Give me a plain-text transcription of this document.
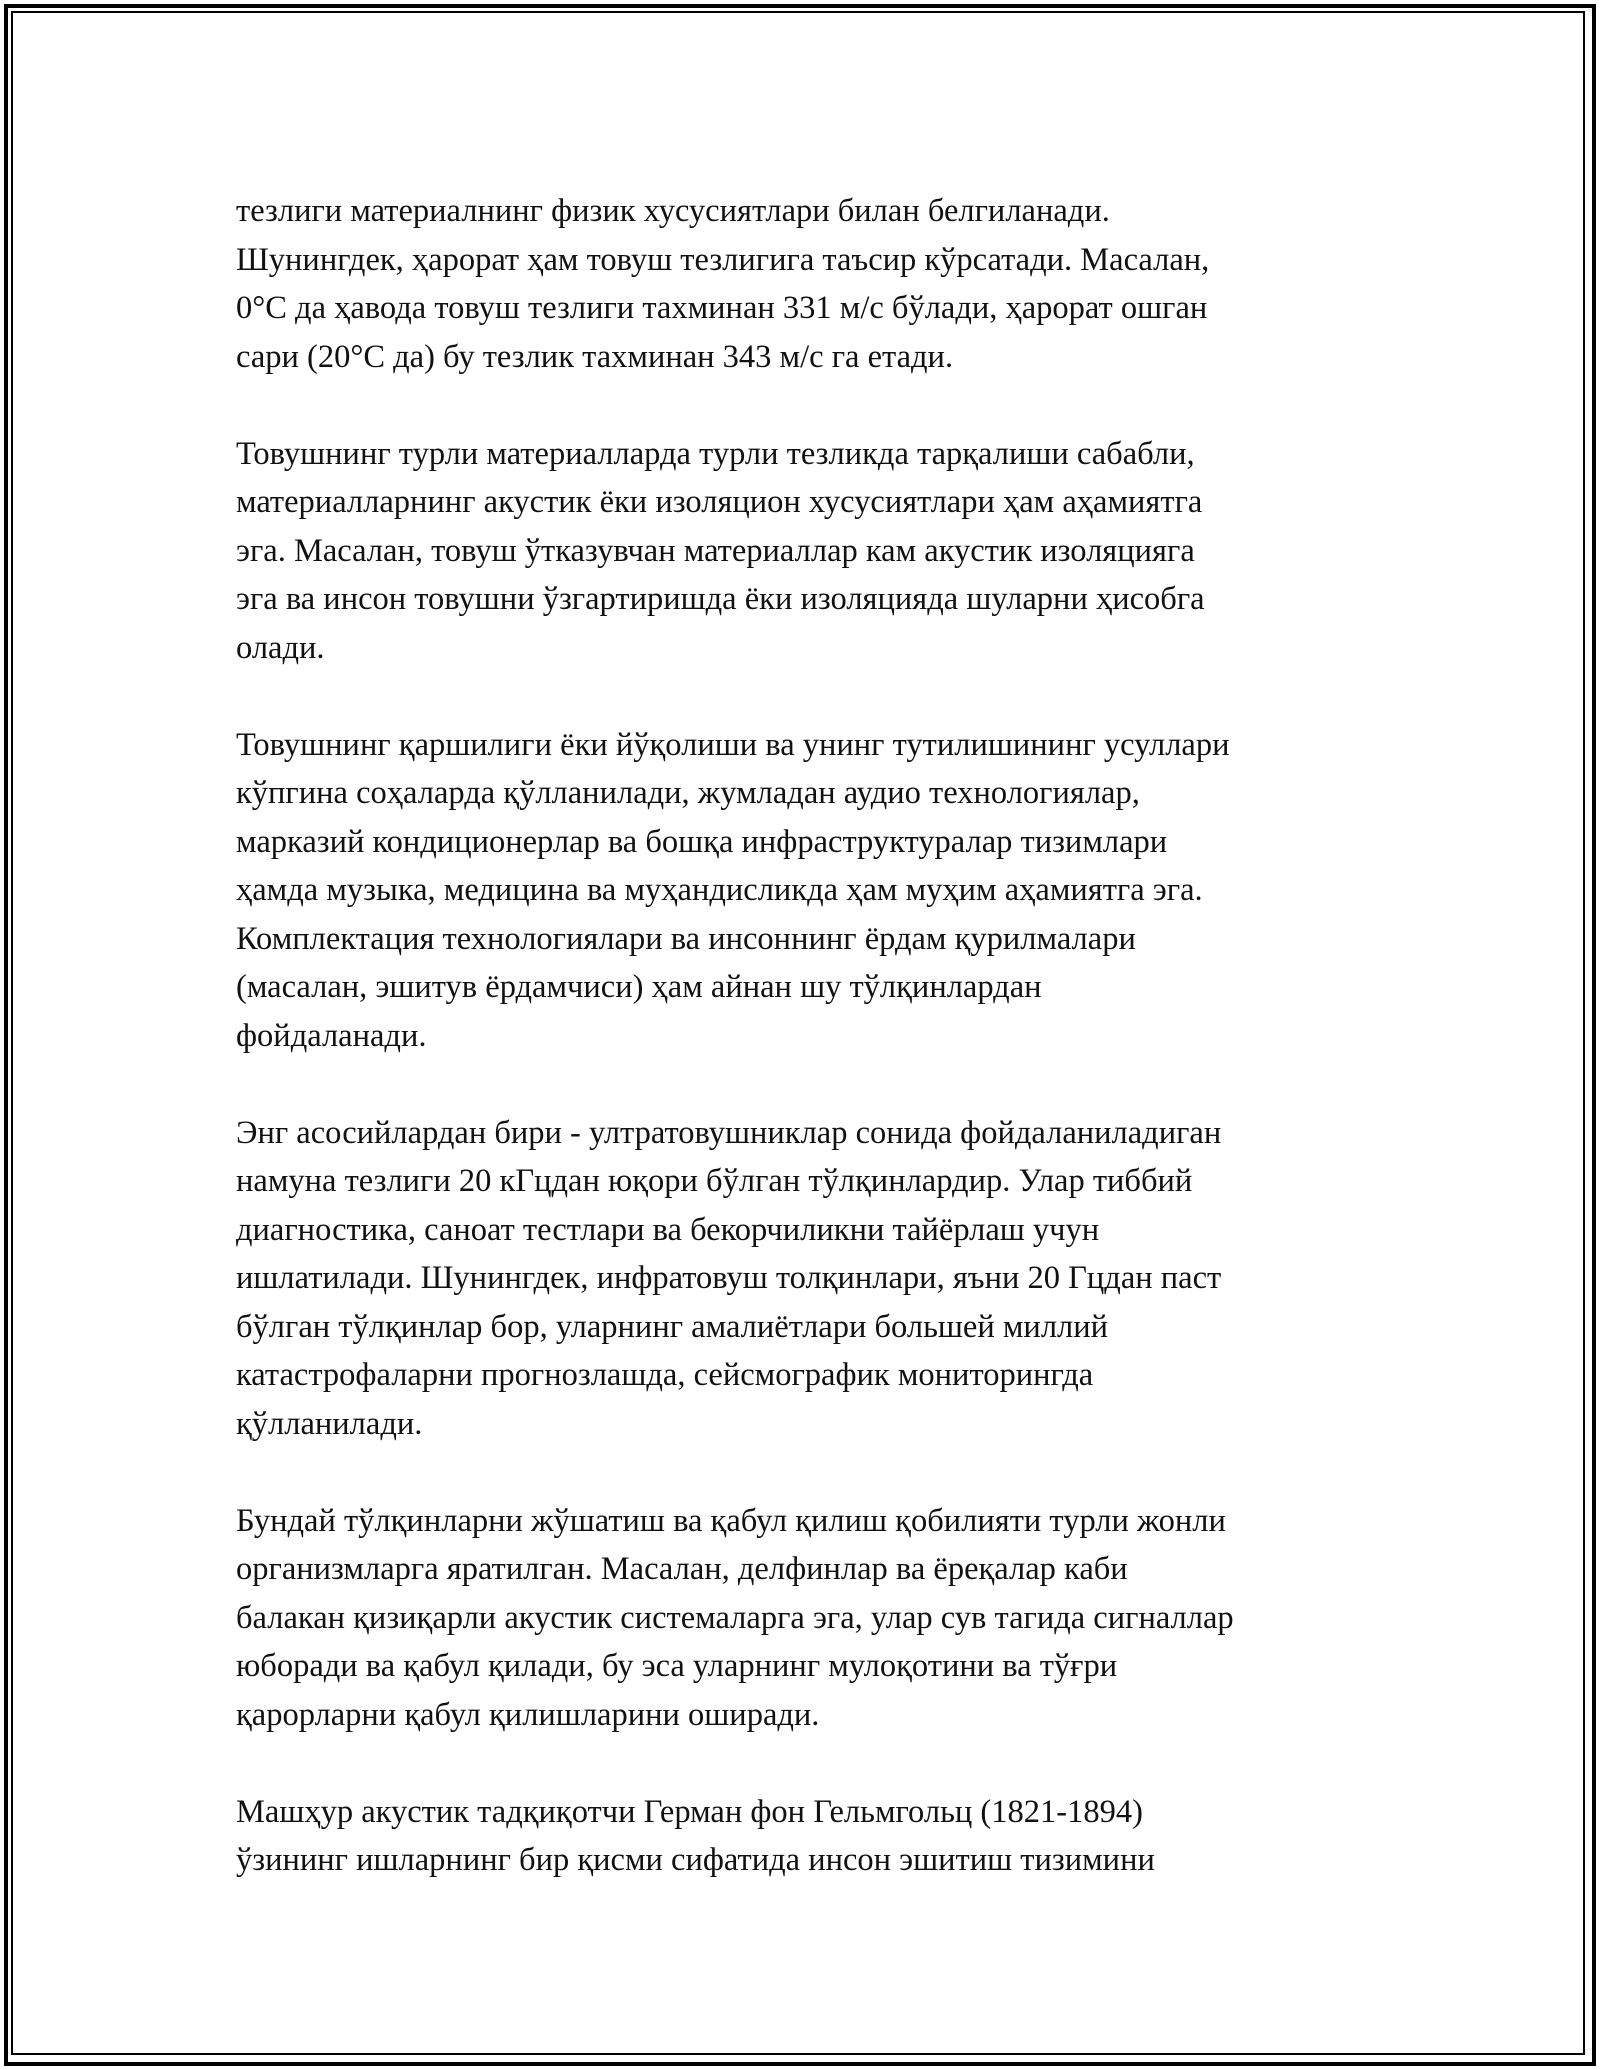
тезлиги материалнинг физик хусусиятлари билан белгиланади.
Шунингдек, ҳарорат ҳам товуш тезлигига таъсир кўрсатади. Масалан,
0°C да ҳавода товуш тезлиги тахминан 331 м/с бўлади, ҳарорат ошган
сари (20°C да) бу тезлик тахминан 343 м/с га етади.
Товушнинг турли материалларда турли тезликда тарқалиши сабабли,
материалларнинг акустик ёки изоляцион хусусиятлари ҳам аҳамиятга
эга. Масалан, товуш ўтказувчан материаллар кам акустик изоляцияга
эга ва инсон товушни ўзгартиришда ёки изоляцияда шуларни ҳисобга
олади.
Товушнинг қаршилиги ёки йўқолиши ва унинг тутилишининг усуллари
кўпгина соҳаларда қўлланилади, жумладан аудио технологиялар,
марказий кондиционерлар ва бошқа инфраструктуралар тизимлари
ҳамда музыка, медицина ва муҳандисликда ҳам муҳим аҳамиятга эга.
Комплектация технологиялари ва инсоннинг ёрдам қурилмалари
(масалан, эшитув ёрдамчиси) ҳам айнан шу тўлқинлардан
фойдаланади.
Энг асосийлардан бири - ултратовушниклар сонида фойдаланиладиган
намуна тезлиги 20 кГцдан юқори бўлган тўлқинлардир. Улар тиббий
диагностика, саноат тестлари ва бекорчиликни тайёрлаш учун
ишлатилади. Шунингдек, инфратовуш толқинлари, яъни 20 Гцдан паст
бўлган тўлқинлар бор, уларнинг амалиётлари большей миллий
катастрофаларни прогнозлашда, сейсмографик мониторингда
қўлланилади.
Бундай тўлқинларни жўшатиш ва қабул қилиш қобилияти турли жонли
организмларга яратилган. Масалан, делфинлар ва ёреқалар каби
балакан қизиқарли акустик системаларга эга, улар сув тагида сигналлар
юборади ва қабул қилади, бу эса уларнинг мулоқотини ва тўғри
қарорларни қабул қилишларини оширади.
Машҳур акустик тадқиқотчи Герман фон Гельмгольц (1821-1894)
ўзининг ишларнинг бир қисми сифатида инсон эшитиш тизимини
